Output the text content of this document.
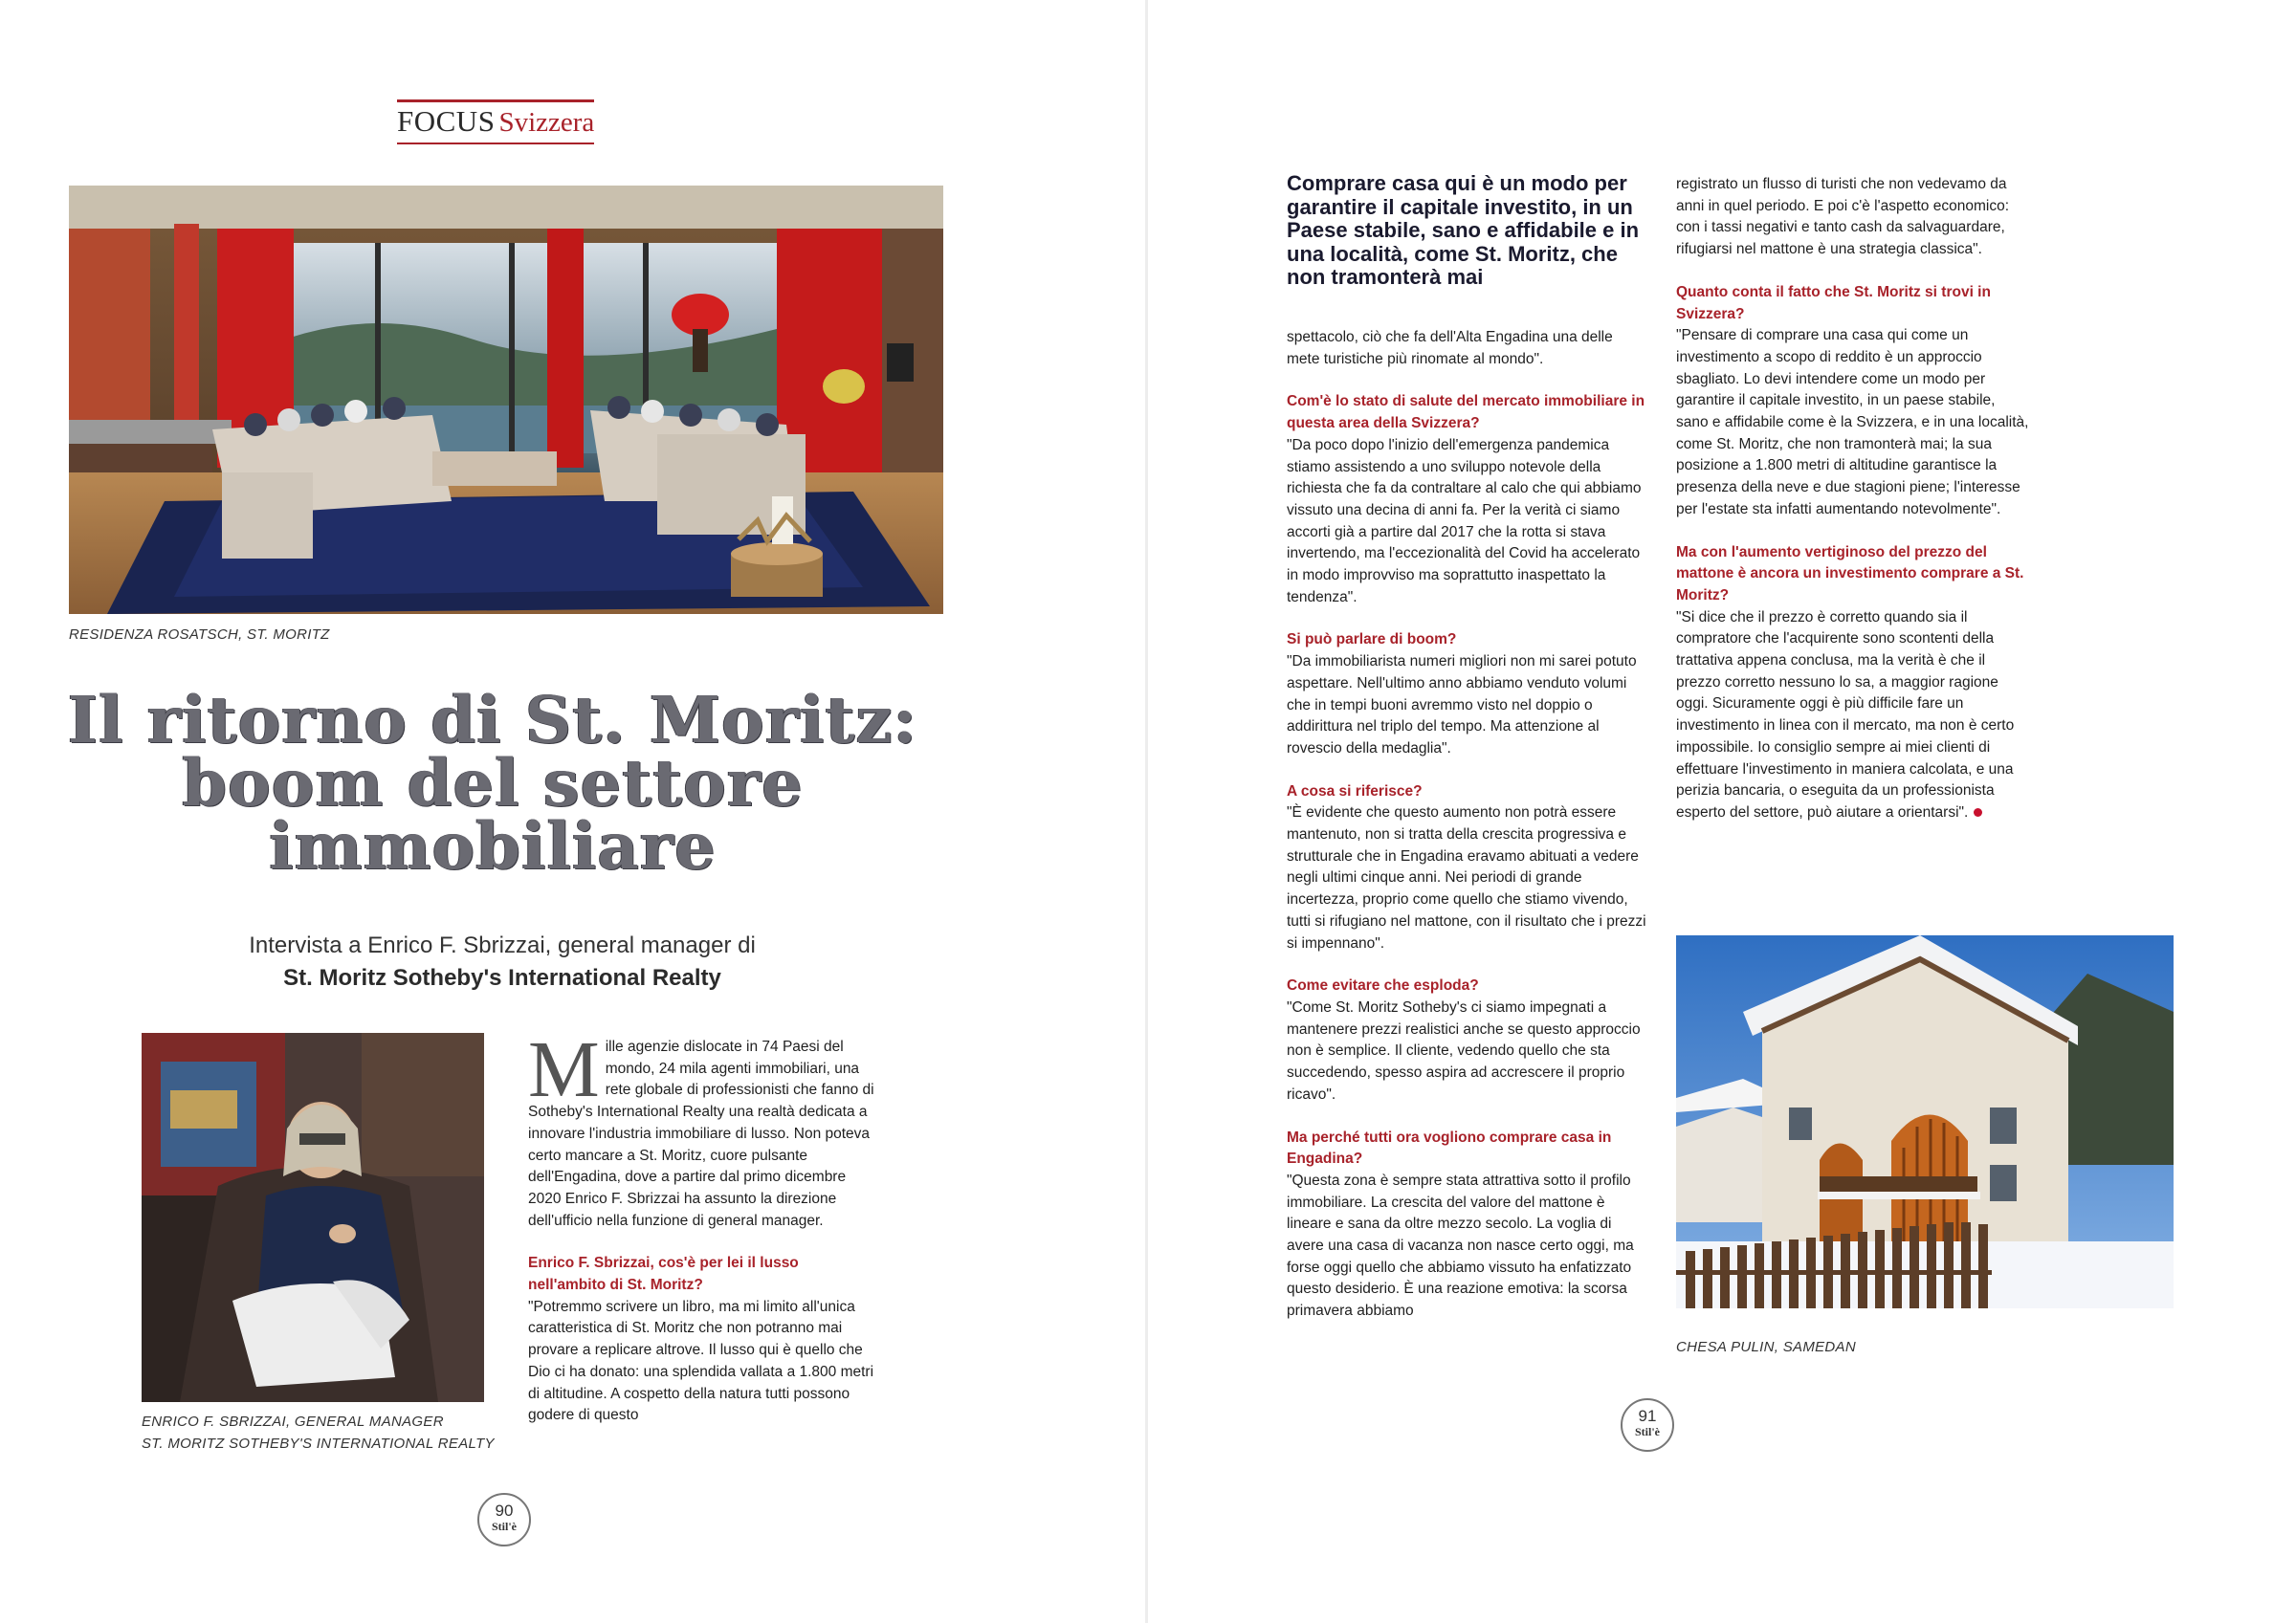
FOCUS Svizzera
RESIDENZA ROSATSCH, ST. MORITZ
Il ritorno di St. Moritz:
boom del settore
immobiliare
Intervista a Enrico F. Sbrizzai, general manager di
St. Moritz Sotheby's International Realty
ENRICO F. SBRIZZAI, GENERAL MANAGER
ST. MORITZ SOTHEBY'S INTERNATIONAL REALTY

Mille agenzie dislocate in 74 Paesi del mondo, 24 mila agenti immobiliari, una rete globale di professionisti che fanno di Sotheby's International Realty una realtà dedicata a innovare l'industria immobiliare di lusso. Non poteva certo mancare a St. Moritz, cuore pulsante dell'Engadina, dove a partire dal primo dicembre 2020 Enrico F. Sbrizzai ha assunto la direzione dell'ufficio nella funzione di general manager.

Enrico F. Sbrizzai, cos'è per lei il lusso nell'ambito di St. Moritz?

"Potremmo scrivere un libro, ma mi limito all'unica caratteristica di St. Moritz che non potranno mai provare a replicare altrove. Il lusso qui è quello che Dio ci ha donato: una splendida vallata a 1.800 metri di altitudine. A cospetto della natura tutti possono godere di questo

90
Stil'è
Comprare casa qui è un modo per garantire il capitale investito, in un Paese stabile, sano e affidabile e in una località, come St. Moritz, che non tramonterà mai

spettacolo, ciò che fa dell'Alta Engadina una delle mete turistiche più rinomate al mondo".

Com'è lo stato di salute del mercato immobiliare in questa area della Svizzera?

"Da poco dopo l'inizio dell'emergenza pandemica stiamo assistendo a uno sviluppo notevole della richiesta che fa da contraltare al calo che qui abbiamo vissuto una decina di anni fa. Per la verità ci siamo accorti già a partire dal 2017 che la rotta si stava invertendo, ma l'eccezionalità del Covid ha accelerato in modo improvviso ma soprattutto inaspettato la tendenza".

Si può parlare di boom?

"Da immobiliarista numeri migliori non mi sarei potuto aspettare. Nell'ultimo anno abbiamo venduto volumi che in tempi buoni avremmo visto nel doppio o addirittura nel triplo del tempo. Ma attenzione al rovescio della medaglia".

A cosa si riferisce?

"È evidente che questo aumento non potrà essere mantenuto, non si tratta della crescita progressiva e strutturale che in Engadina eravamo abituati a vedere negli ultimi cinque anni. Nei periodi di grande incertezza, proprio come quello che stiamo vivendo, tutti si rifugiano nel mattone, con il risultato che i prezzi si impennano".

Come evitare che esploda?

"Come St. Moritz Sotheby's ci siamo impegnati a mantenere prezzi realistici anche se questo approccio non è semplice. Il cliente, vedendo quello che sta succedendo, spesso aspira ad accrescere il proprio ricavo".

Ma perché tutti ora vogliono comprare casa in Engadina?

"Questa zona è sempre stata attrattiva sotto il profilo immobiliare. La crescita del valore del mattone è lineare e sana da oltre mezzo secolo. La voglia di avere una casa di vacanza non nasce certo oggi, ma forse oggi quello che abbiamo vissuto ha enfatizzato questo desiderio. È una reazione emotiva: la scorsa primavera abbiamo

registrato un flusso di turisti che non vedevamo da anni in quel periodo. E poi c'è l'aspetto economico: con i tassi negativi e tanto cash da salvaguardare, rifugiarsi nel mattone è una strategia classica".

Quanto conta il fatto che St. Moritz si trovi in Svizzera?

"Pensare di comprare una casa qui come un investimento a scopo di reddito è un approccio sbagliato. Lo devi intendere come un modo per garantire il capitale investito, in un paese stabile, sano e affidabile come è la Svizzera, e in una località, come St. Moritz, che non tramonterà mai; la sua posizione a 1.800 metri di altitudine garantisce la presenza della neve e due stagioni piene; l'interesse per l'estate sta infatti aumentando notevolmente".

Ma con l'aumento vertiginoso del prezzo del mattone è ancora un investimento comprare a St. Moritz?

"Si dice che il prezzo è corretto quando sia il compratore che l'acquirente sono scontenti della trattativa appena conclusa, ma la verità è che il prezzo corretto nessuno lo sa, a maggior ragione oggi. Sicuramente oggi è più difficile fare un investimento in linea con il mercato, ma non è certo impossibile. Io consiglio sempre ai miei clienti di effettuare l'investimento in maniera calcolata, e una perizia bancaria, o eseguita da un professionista esperto del settore, può aiutare a orientarsi".

CHESA PULIN, SAMEDAN
91
Stil'è
